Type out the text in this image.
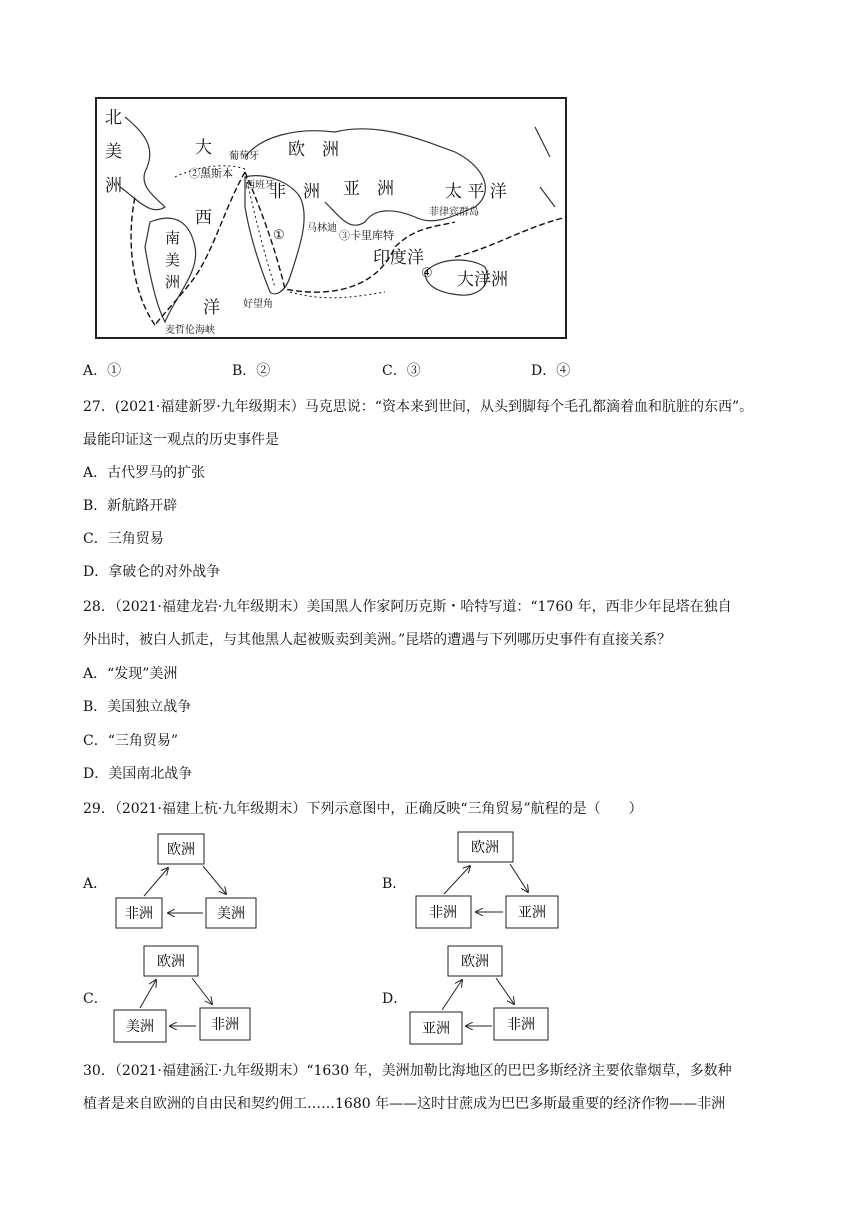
北
美
洲
大
西
洋
欧　洲
亚　洲
非　洲
南
美
洲
太 平 洋
印度洋
大洋洲
葡萄牙
②黑斯本
西班牙
马林迪
③卡里库特
菲律宾群岛
好望角
麦哲伦海峡
①
④
A．①	B．②	C．③	D．④
27．(2021·福建新罗·九年级期末）马克思说：“资本来到世间，从头到脚每个毛孔都滴着血和肮脏的东西”。
最能印证这一观点的历史事件是
A．古代罗马的扩张
B．新航路开辟
C．三角贸易
D．拿破仑的对外战争
28．（2021·福建龙岩·九年级期末）美国黑人作家阿历克斯・哈特写道：“1760 年，西非少年昆塔在独自
外出时，被白人抓走，与其他黑人起被贩卖到美洲。”昆塔的遭遇与下列哪历史事件有直接关系？
A．“发现”美洲
B．美国独立战争
C．“三角贸易”
D．美国南北战争
29．（2021·福建上杭·九年级期末）下列示意图中，正确反映“三角贸易”航程的是（　　）
A．
欧洲
非洲	美洲
B．
欧洲
非洲	亚洲
C．
欧洲
美洲	非洲
D．
欧洲
亚洲	非洲
30．（2021·福建涵江·九年级期末）“1630 年，美洲加勒比海地区的巴巴多斯经济主要依靠烟草，多数种
植者是来自欧洲的自由民和契约佣工……1680 年——这时甘蔗成为巴巴多斯最重要的经济作物——非洲
